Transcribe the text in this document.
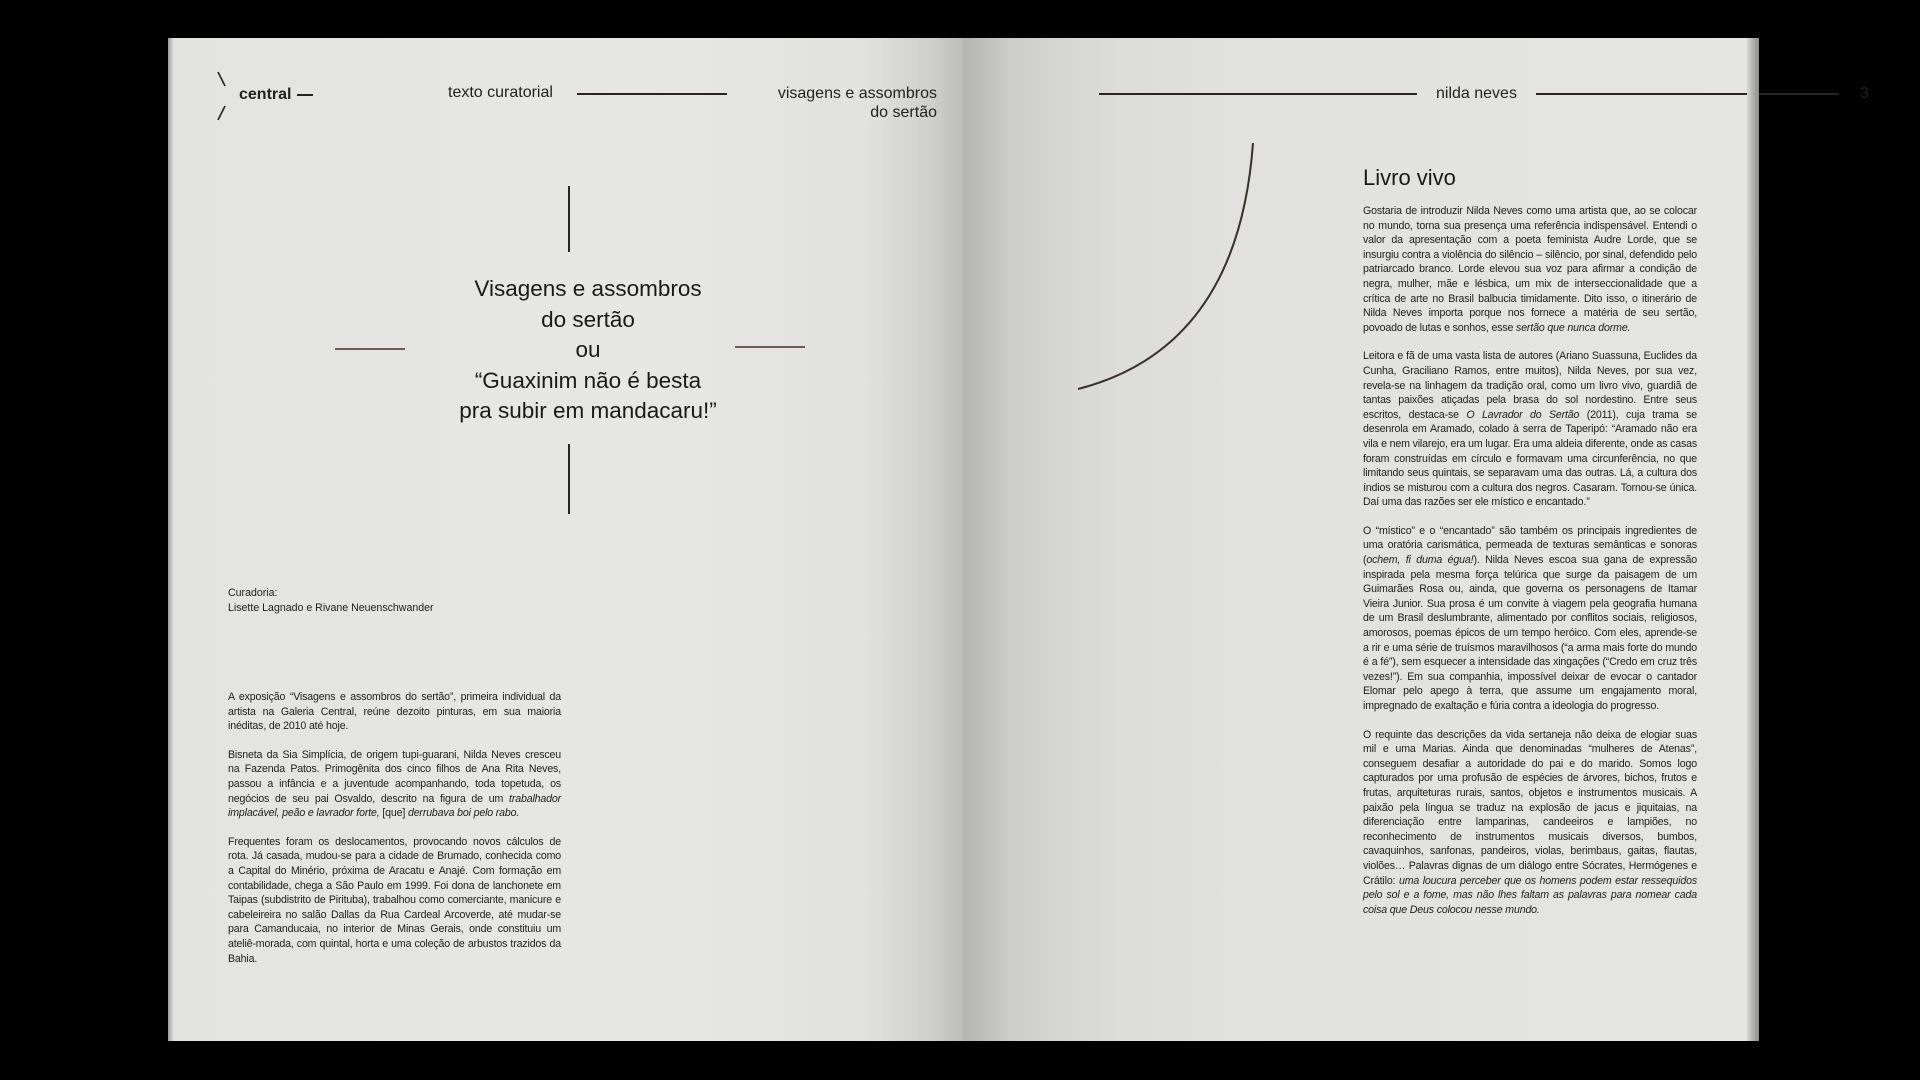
central	texto curatorial	visagens e assombros
do sertão
Visagens e assombros
do sertão
ou
“Guaxinim não é besta
pra subir em mandacaru!”
Curadoria:
Lisette Lagnado e Rivane Neuenschwander

A exposição “Visagens e assombros do sertão”, primeira individual da artista na Galeria Central, reúne dezoito pinturas, em sua maioria inéditas, de 2010 até hoje.

Bisneta da Sia Simplícia, de origem tupi-guarani, Nilda Neves cresceu na Fazenda Patos. Primogênita dos cinco filhos de Ana Rita Neves, passou a infância e a juventude acompanhando, toda topetuda, os negócios de seu pai Osvaldo, descrito na figura de um trabalhador implacável, peão e lavrador forte, [que] derrubava boi pelo rabo.

Frequentes foram os deslocamentos, provocando novos cálculos de rota. Já casada, mudou-se para a cidade de Brumado, conhecida como a Capital do Minério, próxima de Aracatu e Anajé. Com formação em contabilidade, chega a São Paulo em 1999. Foi dona de lanchonete em Taipas (subdistrito de Pirituba), trabalhou como comerciante, manicure e cabeleireira no salão Dallas da Rua Cardeal Arcoverde, até mudar-se para Camanducaia, no interior de Minas Gerais, onde constituiu um ateliê-morada, com quintal, horta e uma coleção de arbustos trazidos da Bahia.

nilda neves	3
Livro vivo

Gostaria de introduzir Nilda Neves como uma artista que, ao se colocar no mundo, torna sua presença uma referência indispensável. Entendi o valor da apresentação com a poeta feminista Audre Lorde, que se insurgiu contra a violência do silêncio – silêncio, por sinal, defendido pelo patriarcado branco. Lorde elevou sua voz para afirmar a condição de negra, mulher, mãe e lésbica, um mix de interseccionalidade que a crítica de arte no Brasil balbucia timidamente. Dito isso, o itinerário de Nilda Neves importa porque nos fornece a matéria de seu sertão, povoado de lutas e sonhos, esse sertão que nunca dorme.

Leitora e fã de uma vasta lista de autores (Ariano Suassuna, Euclides da Cunha, Graciliano Ramos, entre muitos), Nilda Neves, por sua vez, revela-se na linhagem da tradição oral, como um livro vivo, guardiã de tantas paixões atiçadas pela brasa do sol nordestino. Entre seus escritos, destaca-se O Lavrador do Sertão (2011), cuja trama se desenrola em Aramado, colado à serra de Taperipó: “Aramado não era vila e nem vilarejo, era um lugar. Era uma aldeia diferente, onde as casas foram construídas em círculo e formavam uma circunferência, no que limitando seus quintais, se separavam uma das outras. Lá, a cultura dos índios se misturou com a cultura dos negros. Casaram. Tornou-se única. Daí uma das razões ser ele místico e encantado.”

O “místico” e o “encantado” são também os principais ingredientes de uma oratória carismática, permeada de texturas semânticas e sonoras (ochem, fi duma égua!). Nilda Neves escoa sua gana de expressão inspirada pela mesma força telúrica que surge da paisagem de um Guimarães Rosa ou, ainda, que governa os personagens de Itamar Vieira Junior. Sua prosa é um convite à viagem pela geografia humana de um Brasil deslumbrante, alimentado por conflitos sociais, religiosos, amorosos, poemas épicos de um tempo heróico. Com eles, aprende-se a rir e uma série de truísmos maravilhosos (“a arma mais forte do mundo é a fé”), sem esquecer a intensidade das xingações (“Credo em cruz três vezes!”). Em sua companhia, impossível deixar de evocar o cantador Elomar pelo apego à terra, que assume um engajamento moral, impregnado de exaltação e fúria contra a ideologia do progresso.

O requinte das descrições da vida sertaneja não deixa de elogiar suas mil e uma Marias. Ainda que denominadas “mulheres de Atenas”, conseguem desafiar a autoridade do pai e do marido. Somos logo capturados por uma profusão de espécies de árvores, bichos, frutos e frutas, arquiteturas rurais, santos, objetos e instrumentos musicais. A paixão pela língua se traduz na explosão de jacus e jiquitaias, na diferenciação entre lamparinas, candeeiros e lampiões, no reconhecimento de instrumentos musicais diversos, bumbos, cavaquinhos, sanfonas, pandeiros, violas, berimbaus, gaitas, flautas, violões… Palavras dignas de um diálogo entre Sócrates, Hermógenes e Crátilo: uma loucura perceber que os homens podem estar ressequidos pelo sol e a fome, mas não lhes faltam as palavras para nomear cada coisa que Deus colocou nesse mundo.
